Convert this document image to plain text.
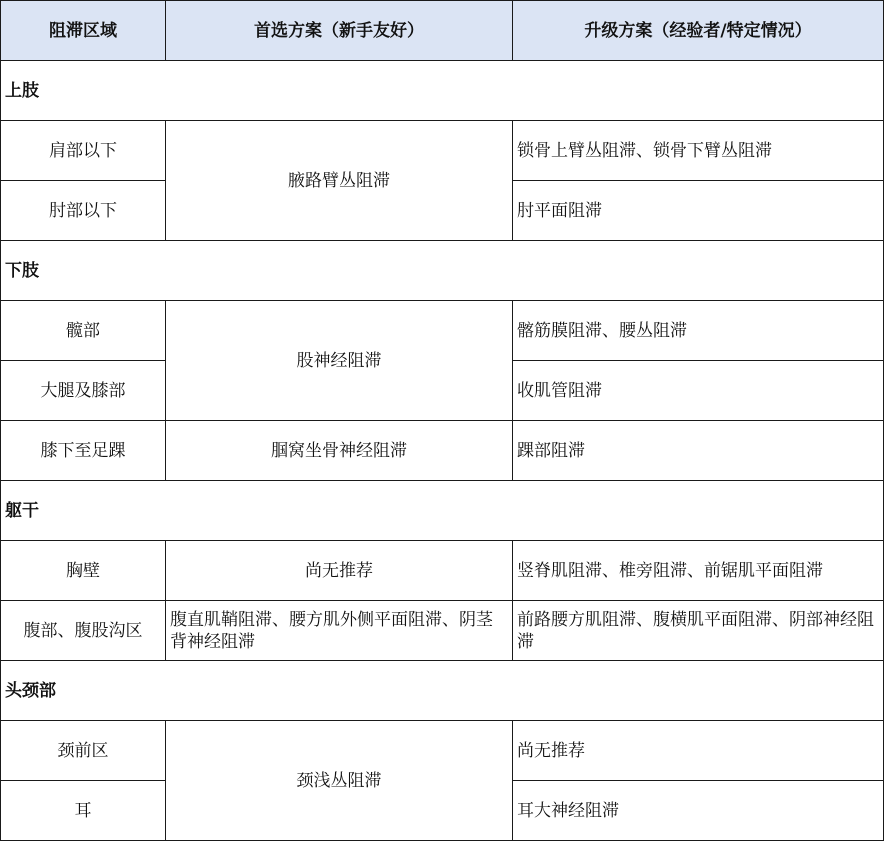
阻滞区域	首选方案（新手友好）	升级方案（经验者/特定情况）
上肢		
肩部以下	腋路臂丛阻滞	锁骨上臂丛阻滞、锁骨下臂丛阻滞
肘部以下		肘平面阻滞
下肢		
髋部	股神经阻滞	髂筋膜阻滞、腰丛阻滞
大腿及膝部		收肌管阻滞
膝下至足踝	腘窝坐骨神经阻滞	踝部阻滞
躯干		
胸壁	尚无推荐	竖脊肌阻滞、椎旁阻滞、前锯肌平面阻滞
腹部、腹股沟区	腹直肌鞘阻滞、腰方肌外侧平面阻滞、阴茎背神经阻滞	前路腰方肌阻滞、腹横肌平面阻滞、阴部神经阻滞
头颈部		
颈前区	颈浅丛阻滞	尚无推荐
耳		耳大神经阻滞
